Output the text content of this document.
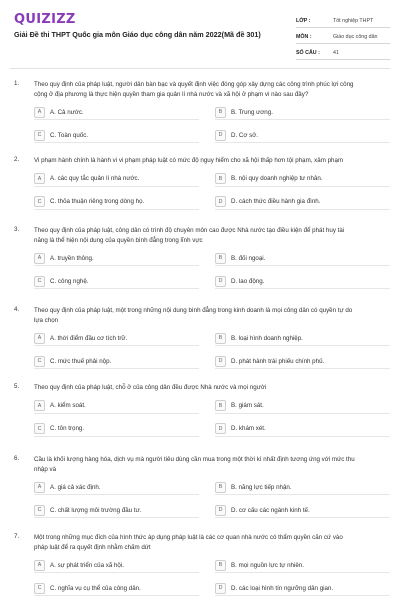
QUIZIZZ
Giải Đề thi THPT Quốc gia môn Giáo dục công dân năm 2022(Mã đề 301)
LỚP :	Tốt nghiệp THPT
MÔN :	Giáo dục công dân
SỐ CÂU :	41
1. Theo quy định của pháp luật, người dân bàn bạc và quyết định việc đóng góp xây dựng các công trình phúc lợi công
cộng ở địa phương là thực hiện quyền tham gia quản lí nhà nước và xã hội ở phạm vi nào sau đây?
A	A. Cả nước.	B	B. Trung ương.
C	C. Toàn quốc.	D	D. Cơ sở.
2. Vi phạm hành chính là hành vi vi phạm pháp luật có mức độ nguy hiểm cho xã hội thấp hơn tội phạm, xâm phạm
A	A. các quy tắc quản lí nhà nước.	B	B. nội quy doanh nghiệp tư nhân.
C	C. thỏa thuận riêng trong dòng họ.	D	D. cách thức điều hành gia đình.
3. Theo quy định của pháp luật, công dân có trình độ chuyên môn cao được Nhà nước tạo điều kiện để phát huy tài
năng là thể hiện nội dung của quyền bình đẳng trong lĩnh vực
A	A. truyền thông.	B	B. đối ngoại.
C	C. công nghệ.	D	D. lao động.
4. Theo quy định của pháp luật, một trong những nội dung bình đẳng trong kinh doanh là mọi công dân có quyền tự do
lựa chọn
A	A. thời điểm đầu cơ tích trữ.	B	B. loại hình doanh nghiệp.
C	C. mức thuế phải nộp.	D	D. phát hành trái phiếu chính phủ.
5. Theo quy định của pháp luật, chỗ ở của công dân đều được Nhà nước và mọi người
A	A. kiểm soát.	B	B. giám sát.
C	C. tôn trọng.	D	D. khám xét.
6. Cầu là khối lượng hàng hóa, dịch vụ mà người tiêu dùng cần mua trong một thời kì nhất định tương ứng với mức thu
nhập và
A	A. giá cả xác định.	B	B. năng lực tiếp nhận.
C	C. chất lượng môi trường đầu tư.	D	D. cơ cấu các ngành kinh tế.
7. Một trong những mục đích của hình thức áp dụng pháp luật là các cơ quan nhà nước có thẩm quyền căn cứ vào
pháp luật để ra quyết định nhằm chấm dứt
A	A. sự phát triển của xã hội.	B	B. mọi nguồn lực tự nhiên.
C	C. nghĩa vụ cụ thể của công dân.	D	D. các loại hình tín ngưỡng dân gian.
